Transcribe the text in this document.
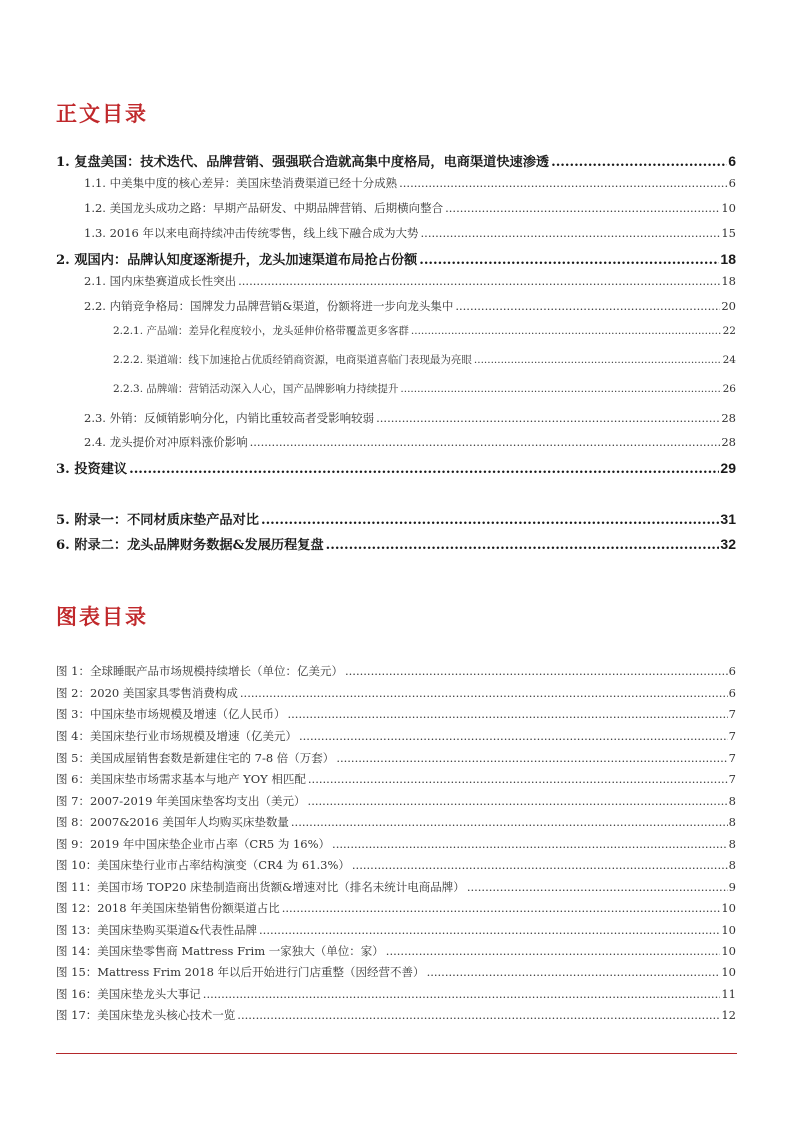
正文目录
1. 复盘美国：技术迭代、品牌营销、强强联合造就高集中度格局，电商渠道快速渗透 .....	6
1.1. 中美集中度的核心差异：美国床垫消费渠道已经十分成熟 .....	6
1.2. 美国龙头成功之路：早期产品研发、中期品牌营销、后期横向整合 .....	10
1.3. 2016 年以来电商持续冲击传统零售，线上线下融合成为大势 .....	15
2. 观国内：品牌认知度逐渐提升，龙头加速渠道布局抢占份额 .....	18
2.1. 国内床垫赛道成长性突出 .....	18
2.2. 内销竞争格局：国牌发力品牌营销&渠道，份额将进一步向龙头集中 .....	20
2.2.1. 产品端：差异化程度较小，龙头延伸价格带覆盖更多客群 .....	22
2.2.2. 渠道端：线下加速抢占优质经销商资源，电商渠道喜临门表现最为亮眼 .....	24
2.2.3. 品牌端：营销活动深入人心，国产品牌影响力持续提升 .....	26
2.3. 外销：反倾销影响分化，内销比重较高者受影响较弱 .....	28
2.4. 龙头提价对冲原料涨价影响 .....	28
3. 投资建议 .....	29
5. 附录一：不同材质床垫产品对比 .....	31
6. 附录二：龙头品牌财务数据&发展历程复盘 .....	32
图表目录
图 1：全球睡眠产品市场规模持续增长（单位：亿美元） .....	6
图 2：2020 美国家具零售消费构成 .....	6
图 3：中国床垫市场规模及增速（亿人民币） .....	7
图 4：美国床垫行业市场规模及增速（亿美元） .....	7
图 5：美国成屋销售套数是新建住宅的 7-8 倍（万套） .....	7
图 6：美国床垫市场需求基本与地产 YOY 相匹配 .....	7
图 7：2007-2019 年美国床垫客均支出（美元） .....	8
图 8：2007&2016 美国年人均购买床垫数量 .....	8
图 9：2019 年中国床垫企业市占率（CR5 为 16%） .....	8
图 10：美国床垫行业市占率结构演变（CR4 为 61.3%） .....	8
图 11：美国市场 TOP20 床垫制造商出货额&增速对比（排名未统计电商品牌） .....	9
图 12：2018 年美国床垫销售份额渠道占比 .....	10
图 13：美国床垫购买渠道&代表性品牌 .....	10
图 14：美国床垫零售商 Mattress Frim 一家独大（单位：家） .....	10
图 15：Mattress Frim 2018 年以后开始进行门店重整（因经营不善） .....	10
图 16：美国床垫龙头大事记 .....	11
图 17：美国床垫龙头核心技术一览 .....	12
